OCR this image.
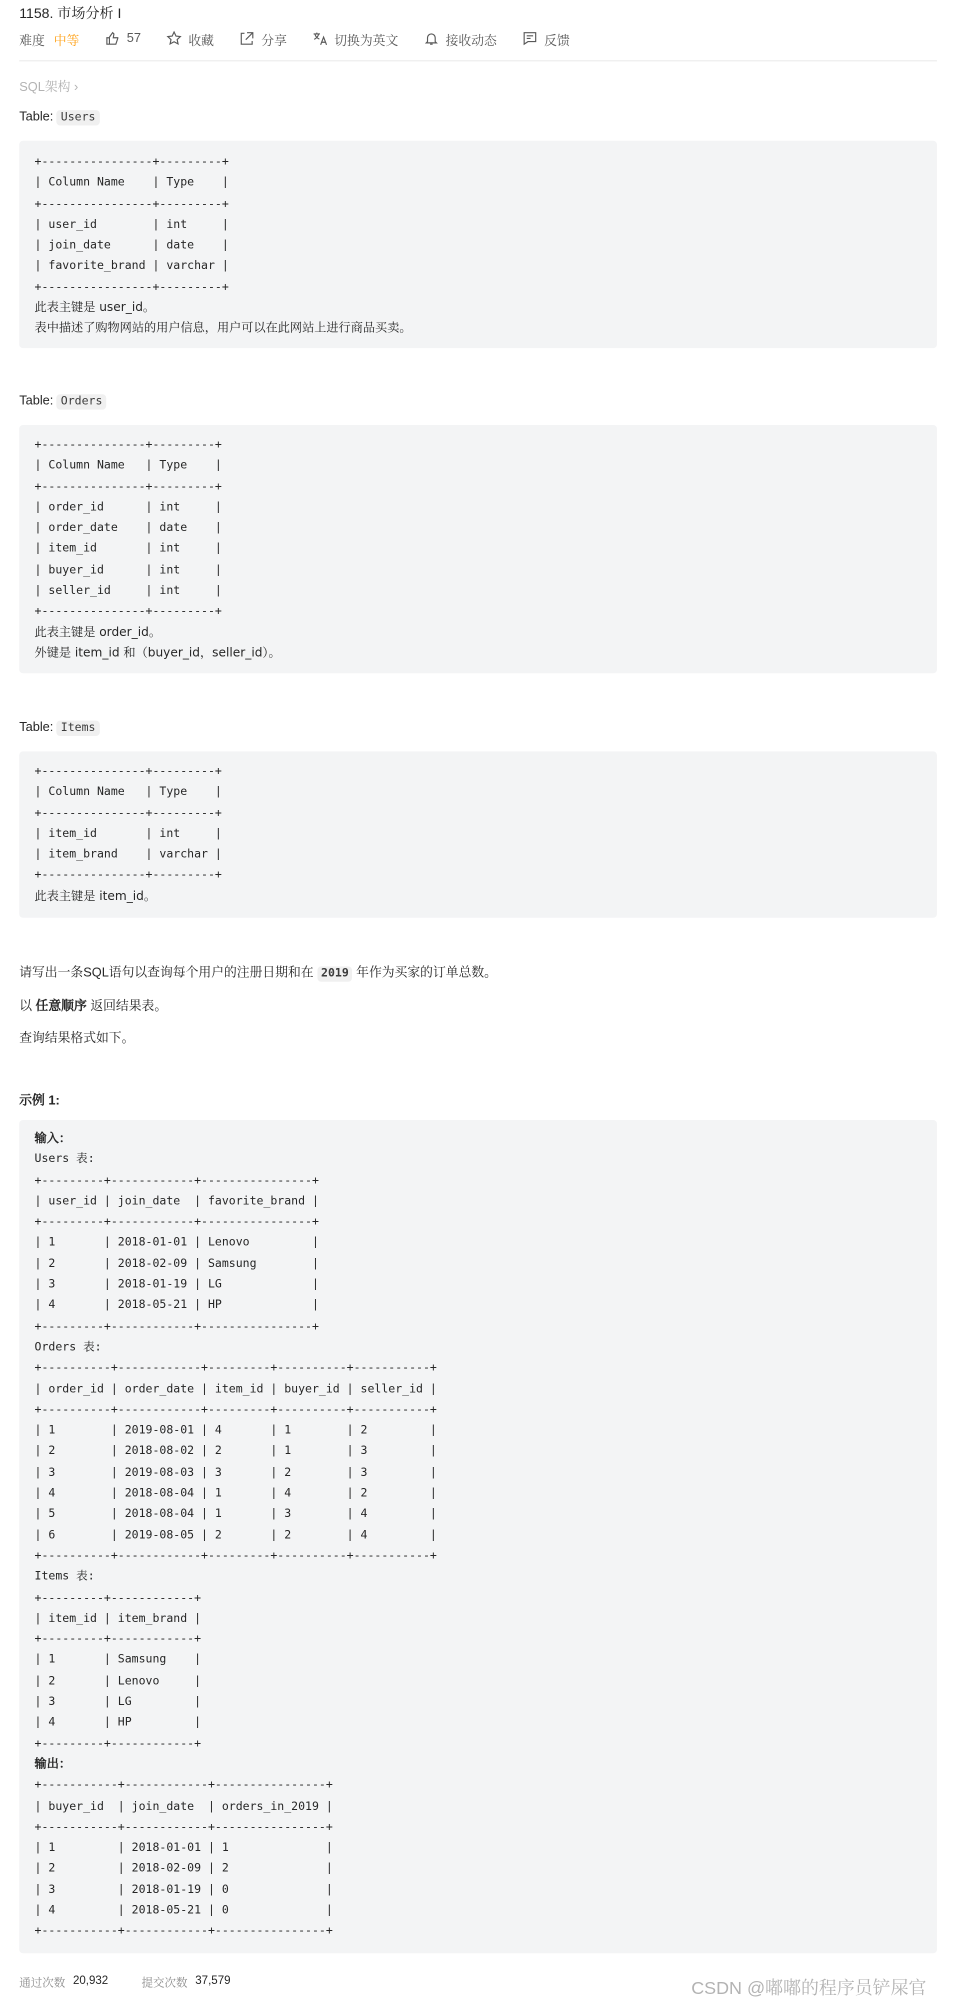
1158. 市场分析 I
难度 中等	57	收藏	分享	切换为英文	接收动态	反馈
SQL架构 ›
Table: Users
+----------------+---------+
| Column Name    | Type    |
+----------------+---------+
| user_id        | int     |
| join_date      | date    |
| favorite_brand | varchar |
+----------------+---------+
此表主键是 user_id。
表中描述了购物网站的用户信息，用户可以在此网站上进行商品买卖。
Table: Orders
+---------------+---------+
| Column Name   | Type    |
+---------------+---------+
| order_id      | int     |
| order_date    | date    |
| item_id       | int     |
| buyer_id      | int     |
| seller_id     | int     |
+---------------+---------+
此表主键是 order_id。
外键是 item_id 和（buyer_id，seller_id）。
Table: Items
+---------------+---------+
| Column Name   | Type    |
+---------------+---------+
| item_id       | int     |
| item_brand    | varchar |
+---------------+---------+
此表主键是 item_id。
请写出一条SQL语句以查询每个用户的注册日期和在 2019 年作为买家的订单总数。
以 任意顺序 返回结果表。
查询结果格式如下。
示例 1:
输入：

Users 表:
+---------+------------+----------------+
| user_id | join_date  | favorite_brand |
+---------+------------+----------------+
| 1       | 2018-01-01 | Lenovo         |
| 2       | 2018-02-09 | Samsung        |
| 3       | 2018-01-19 | LG             |
| 4       | 2018-05-21 | HP             |
+---------+------------+----------------+
Orders 表:
+----------+------------+---------+----------+-----------+
| order_id | order_date | item_id | buyer_id | seller_id |
+----------+------------+---------+----------+-----------+
| 1        | 2019-08-01 | 4       | 1        | 2         |
| 2        | 2018-08-02 | 2       | 1        | 3         |
| 3        | 2019-08-03 | 3       | 2        | 3         |
| 4        | 2018-08-04 | 1       | 4        | 2         |
| 5        | 2018-08-04 | 1       | 3        | 4         |
| 6        | 2019-08-05 | 2       | 2        | 4         |
+----------+------------+---------+----------+-----------+
Items 表:
+---------+------------+
| item_id | item_brand |
+---------+------------+
| 1       | Samsung    |
| 2       | Lenovo     |
| 3       | LG         |
| 4       | HP         |
+---------+------------+
输出：

+-----------+------------+----------------+
| buyer_id  | join_date  | orders_in_2019 |
+-----------+------------+----------------+
| 1         | 2018-01-01 | 1              |
| 2         | 2018-02-09 | 2              |
| 3         | 2018-01-19 | 0              |
| 4         | 2018-05-21 | 0              |
+-----------+------------+----------------+
通过次数 20,932	提交次数 37,579	CSDN @嘟嘟的程序员铲屎官
